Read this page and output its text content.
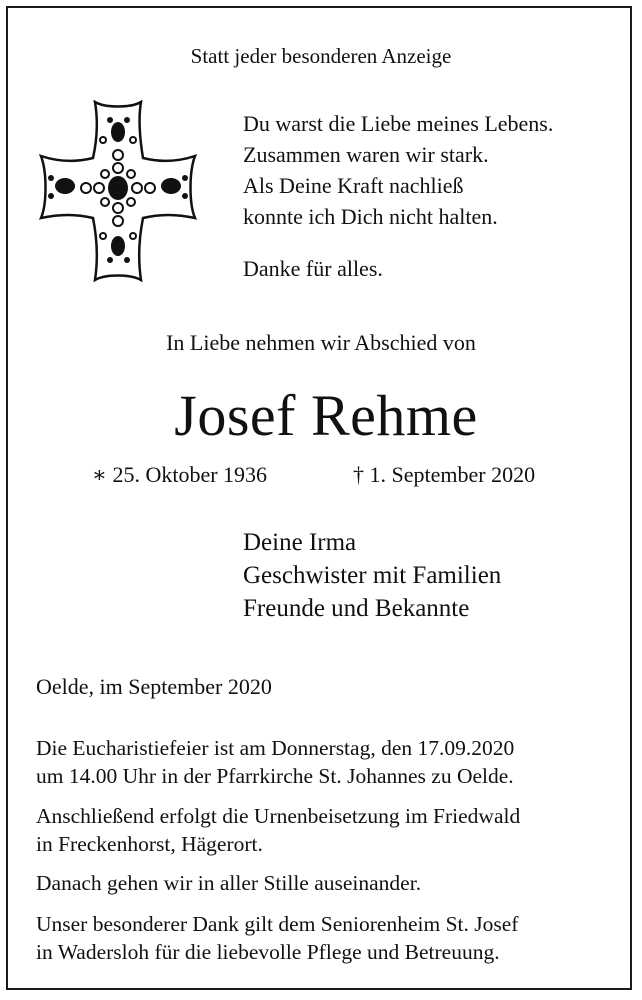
Statt jeder besonderen Anzeige
Du warst die Liebe meines Lebens.
Zusammen waren wir stark.
Als Deine Kraft nachließ
konnte ich Dich nicht halten.
Danke für alles.
In Liebe nehmen wir Abschied von
Josef Rehme
∗ 25. Oktober 1936	† 1. September 2020
Deine Irma
Geschwister mit Familien
Freunde und Bekannte
Oelde, im September 2020
Die Eucharistiefeier ist am Donnerstag, den 17.09.2020
um 14.00 Uhr in der Pfarrkirche St. Johannes zu Oelde.
Anschließend erfolgt die Urnenbeisetzung im Friedwald
in Freckenhorst, Hägerort.
Danach gehen wir in aller Stille auseinander.
Unser besonderer Dank gilt dem Seniorenheim St. Josef
in Wadersloh für die liebevolle Pflege und Betreuung.
